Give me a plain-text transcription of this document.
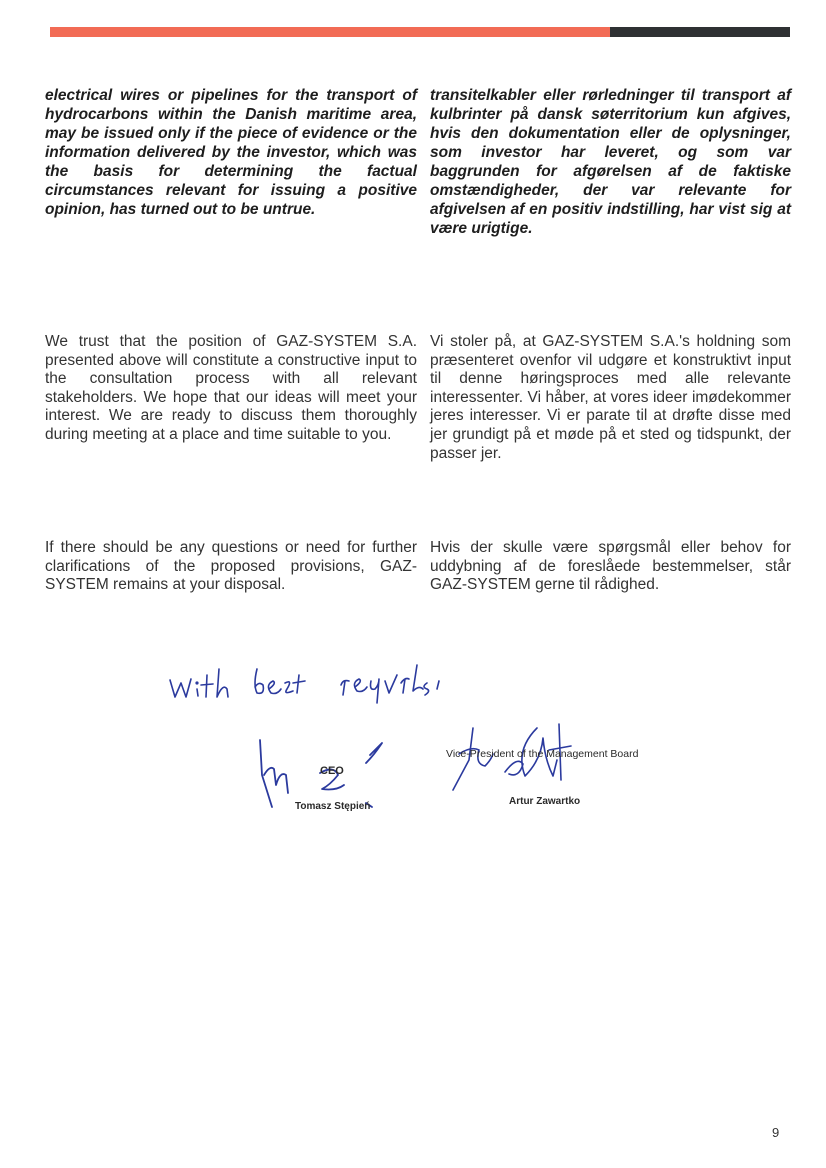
electrical wires or pipelines for the transport of hydrocarbons within the Danish maritime area, may be issued only if the piece of evidence or the information delivered by the investor, which was the basis for determining the factual circumstances relevant for issuing a positive opinion, has turned out to be untrue.
transitelkabler eller rørledninger til transport af kulbrinter på dansk søterritorium kun afgives, hvis den dokumentation eller de oplysninger, som investor har leveret, og som var baggrunden for afgørelsen af de faktiske omstændigheder, der var relevante for afgivelsen af en positiv indstilling, har vist sig at være urigtige.
We trust that the position of GAZ-SYSTEM S.A. presented above will constitute a constructive input to the consultation process with all relevant stakeholders. We hope that our ideas will meet your interest. We are ready to discuss them thoroughly during meeting at a place and time suitable to you.
Vi stoler på, at GAZ-SYSTEM S.A.'s holdning som præsenteret ovenfor vil udgøre et konstruktivt input til denne høringsproces med alle relevante interessenter. Vi håber, at vores ideer imødekommer jeres interesser. Vi er parate til at drøfte disse med jer grundigt på et møde på et sted og tidspunkt, der passer jer.
If there should be any questions or need for further clarifications of the proposed provisions, GAZ-SYSTEM remains at your disposal.
Hvis der skulle være spørgsmål eller behov for uddybning af de foreslåede bestemmelser, står GAZ-SYSTEM gerne til rådighed.
CEO
Tomasz Stępień
Vice-President of the Management Board
Artur Zawartko
9
